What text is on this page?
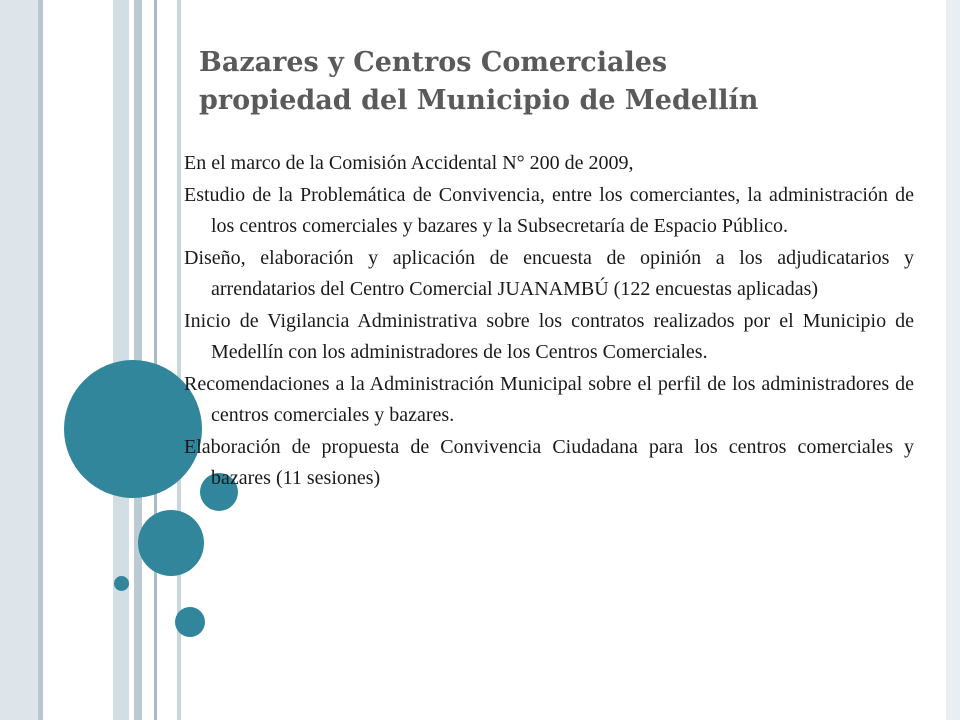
Bazares y Centros Comerciales
propiedad del Municipio de Medellín
En el marco de la Comisión Accidental N° 200 de 2009,
Estudio de la Problemática de Convivencia, entre los comerciantes, la administración de los centros comerciales y bazares y la Subsecretaría de Espacio Público.
Diseño, elaboración y aplicación de encuesta de opinión a los adjudicatarios y arrendatarios del Centro Comercial JUANAMBÚ (122 encuestas aplicadas)
Inicio de Vigilancia Administrativa sobre los contratos realizados por el Municipio de Medellín con los administradores de los Centros Comerciales.
Recomendaciones a la Administración Municipal sobre el perfil de los administradores de centros comerciales y bazares.
Elaboración de propuesta de Convivencia Ciudadana para los centros comerciales y bazares (11 sesiones)
